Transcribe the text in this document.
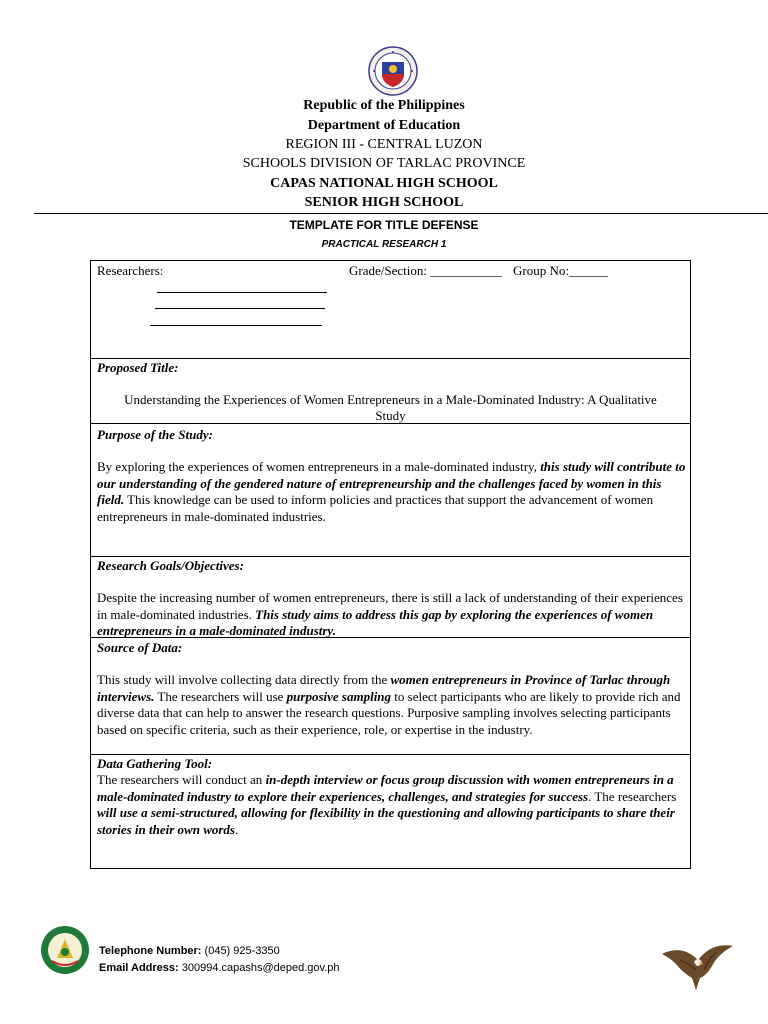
Republic of the Philippines
Department of Education
REGION III - CENTRAL LUZON
SCHOOLS DIVISION OF TARLAC PROVINCE
CAPAS NATIONAL HIGH SCHOOL
SENIOR HIGH SCHOOL
TEMPLATE FOR TITLE DEFENSE
PRACTICAL RESEARCH 1
Researchers:	Grade/Section: ___________ Group No:______
Proposed Title:
Understanding the Experiences of Women Entrepreneurs in a Male-Dominated Industry: A Qualitative
Study
Purpose of the Study:
By exploring the experiences of women entrepreneurs in a male-dominated industry, this study will contribute to our understanding of the gendered nature of entrepreneurship and the challenges faced by women in this field. This knowledge can be used to inform policies and practices that support the advancement of women entrepreneurs in male-dominated industries.
Research Goals/Objectives:
Despite the increasing number of women entrepreneurs, there is still a lack of understanding of their experiences in male-dominated industries. This study aims to address this gap by exploring the experiences of women entrepreneurs in a male-dominated industry.
Source of Data:
This study will involve collecting data directly from the women entrepreneurs in Province of Tarlac through interviews. The researchers will use purposive sampling to select participants who are likely to provide rich and diverse data that can help to answer the research questions. Purposive sampling involves selecting participants based on specific criteria, such as their experience, role, or expertise in the industry.
Data Gathering Tool:
The researchers will conduct an in-depth interview or focus group discussion with women entrepreneurs in a male-dominated industry to explore their experiences, challenges, and strategies for success. The researchers will use a semi-structured, allowing for flexibility in the questioning and allowing participants to share their stories in their own words.
Telephone Number: (045) 925-3350
Email Address: 300994.capashs@deped.gov.ph
